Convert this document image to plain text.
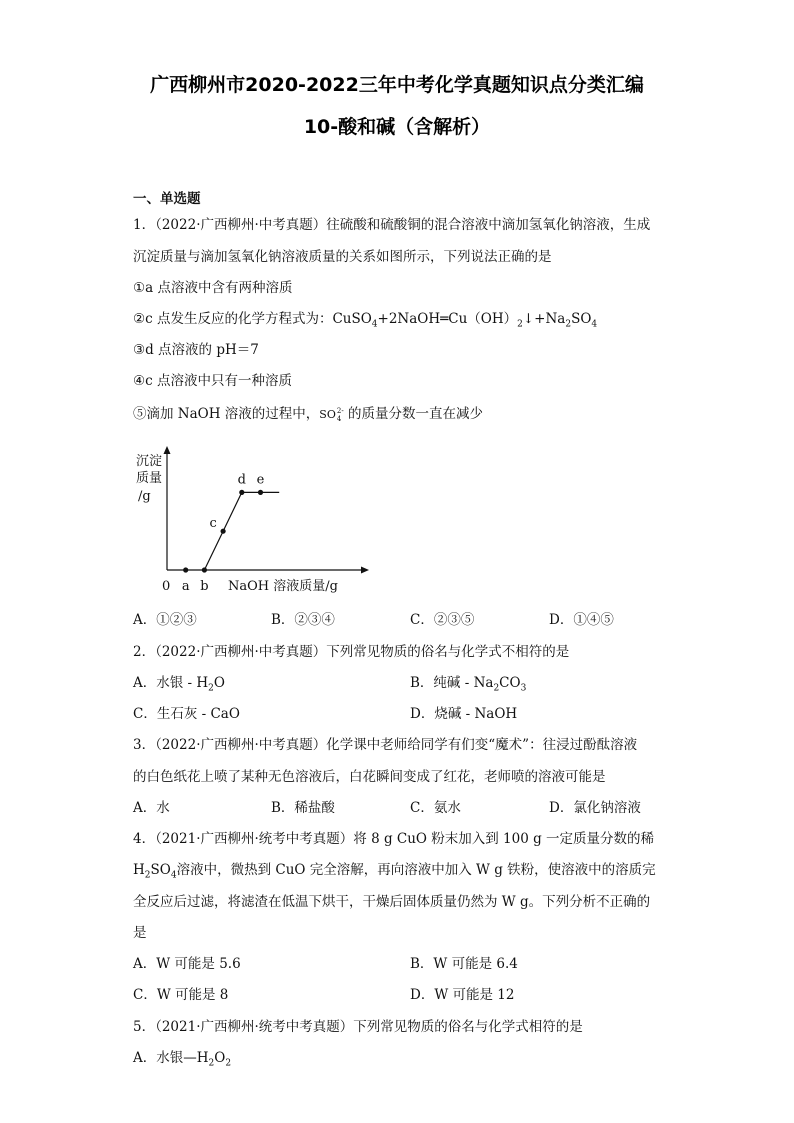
广西柳州市2020-2022三年中考化学真题知识点分类汇编
10-酸和碱（含解析）
一、单选题
1．（2022·广西柳州·中考真题）往硫酸和硫酸铜的混合溶液中滴加氢氧化钠溶液，生成
沉淀质量与滴加氢氧化钠溶液质量的关系如图所示，下列说法正确的是
①a 点溶液中含有两种溶质
②c 点发生反应的化学方程式为：$CuSO_4+2NaOH═Cu(OH)_2↓+Na_2SO_4$
③d 点溶液的 pH＝7
④c 点溶液中只有一种溶质
⑤滴加 NaOH 溶液的过程中，SO 2-
4 的质量分数一直在减少
沉淀
质量
/g
a b
c
d e
0	NaOH 溶液质量/g
A．①②③	B．②③④	C．②③⑤	D．①④⑤
2．（2022·广西柳州·中考真题）下列常见物质的俗名与化学式不相符的是
A．水银 - $H_2O$	B．纯碱 - $Na_2CO_3$
C．生石灰 - CaO	D．烧碱 - NaOH
3．（2022·广西柳州·中考真题）化学课中老师给同学有们变“魔术”：往浸过酚酞溶液
的白色纸花上喷了某种无色溶液后，白花瞬间变成了红花，老师喷的溶液可能是
A．水	B．稀盐酸	C．氨水	D．氯化钠溶液
4．（2021·广西柳州·统考中考真题）将 8 g CuO 粉末加入到 100 g 一定质量分数的稀
$H_2SO_4$溶液中，微热到 CuO 完全溶解，再向溶液中加入 W g 铁粉，使溶液中的溶质完
全反应后过滤，将滤渣在低温下烘干，干燥后固体质量仍然为 W g。下列分析不正确的
是
A．W 可能是 5.6	B．W 可能是 6.4
C．W 可能是 8	D．W 可能是 12
5．（2021·广西柳州·统考中考真题）下列常见物质的俗名与化学式相符的是
A．水银$—H_2O_2$
